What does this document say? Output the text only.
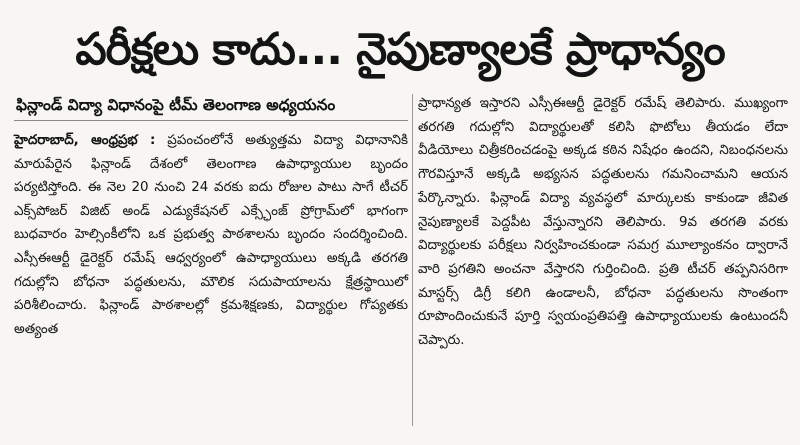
పరీక్షలు కాదు... నైపుణ్యాలకే ప్రాధాన్యం
ఫిన్లాండ్ విద్యా విధానంపై టీమ్ తెలంగాణ అధ్యయనం
హైదరాబాద్, ఆంధ్రప్రభ : ప్రపంచంలోనే అత్యుత్తమ విద్యా విధానానికి మారుపేరైన ఫిన్లాండ్ దేశంలో తెలంగాణ ఉపాధ్యాయుల బృందం పర్యటిస్తోంది. ఈ నెల 20 నుంచి 24 వరకు ఐదు రోజుల పాటు సాగే టీచర్ ఎక్స్‌పోజర్ విజిట్ అండ్ ఎడ్యుకేషనల్ ఎక్స్ఛేంజ్ ప్రోగ్రామ్‌లో భాగంగా బుధవారం హెల్సింకీలోని ఒక ప్రభుత్వ పాఠశాలను బృందం సందర్శించింది. ఎస్సీఈఆర్టీ డైరెక్టర్ రమేష్ ఆధ్వర్యంలో ఉపాధ్యాయులు అక్కడి తరగతి గదుల్లోని బోధనా పద్ధతులను, మౌలిక సదుపాయాలను క్షేత్రస్థాయిలో పరిశీలించారు. ఫిన్లాండ్ పాఠశాలల్లో క్రమశిక్షణకు, విద్యార్థుల గోప్యతకు అత్యంత
ప్రాధాన్యత ఇస్తారని ఎస్సీఈఆర్టీ డైరెక్టర్ రమేష్ తెలిపారు. ముఖ్యంగా తరగతి గదుల్లోని విద్యార్థులతో కలిసి ఫొటోలు తీయడం లేదా వీడియోలు చిత్రీకరించడంపై అక్కడ కఠిన నిషేధం ఉందని, నిబంధనలను గౌరవిస్తూనే అక్కడి అభ్యసన పద్ధతులను గమనించామని ఆయన పేర్కొన్నారు. ఫిన్లాండ్ విద్యా వ్యవస్థలో మార్కులకు కాకుండా జీవిత నైపుణ్యాలకే పెద్దపీట వేస్తున్నారని తెలిపారు. 9వ తరగతి వరకు విద్యార్థులకు పరీక్షలు నిర్వహించకుండా సమగ్ర మూల్యాంకనం ద్వారానే వారి ప్రగతిని అంచనా వేస్తారని గుర్తించింది. ప్రతి టీచర్ తప్పనిసరిగా మాస్టర్స్ డిగ్రీ కలిగి ఉండాలనీ, బోధనా పద్ధతులను సొంతంగా రూపొందించుకునే పూర్తి స్వయంప్రతిపత్తి ఉపాధ్యాయులకు ఉంటుందనీ చెప్పారు.
